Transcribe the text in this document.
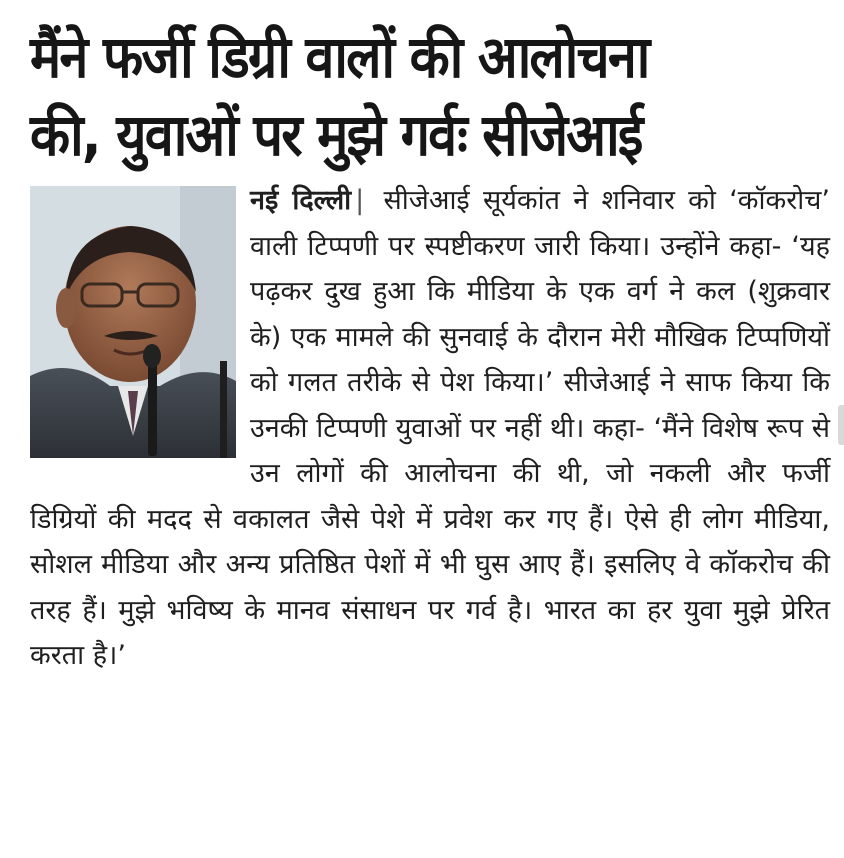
मैंने फर्जी डिग्री वालों की आलोचना
की, युवाओं पर मुझे गर्वः सीजेआई
नई दिल्ली | सीजेआई सूर्यकांत ने शनिवार को ‘कॉकरोच’ वाली टिप्पणी पर स्पष्टीकरण जारी किया। उन्होंने कहा- ‘यह पढ़कर दुख हुआ कि मीडिया के एक वर्ग ने कल (शुक्रवार के) एक मामले की सुनवाई के दौरान मेरी मौखिक टिप्पणियों को गलत तरीके से पेश किया।’ सीजेआई ने साफ किया कि उनकी टिप्पणी युवाओं पर नहीं थी। कहा- ‘मैंने विशेष रूप से उन लोगों की आलोचना की थी, जो नकली और फर्जी डिग्रियों की मदद से वकालत जैसे पेशे में प्रवेश कर गए हैं। ऐसे ही लोग मीडिया, सोशल मीडिया और अन्य प्रतिष्ठित पेशों में भी घुस आए हैं। इसलिए वे कॉकरोच की तरह हैं। मुझे भविष्य के मानव संसाधन पर गर्व है। भारत का हर युवा मुझे प्रेरित करता है।’
